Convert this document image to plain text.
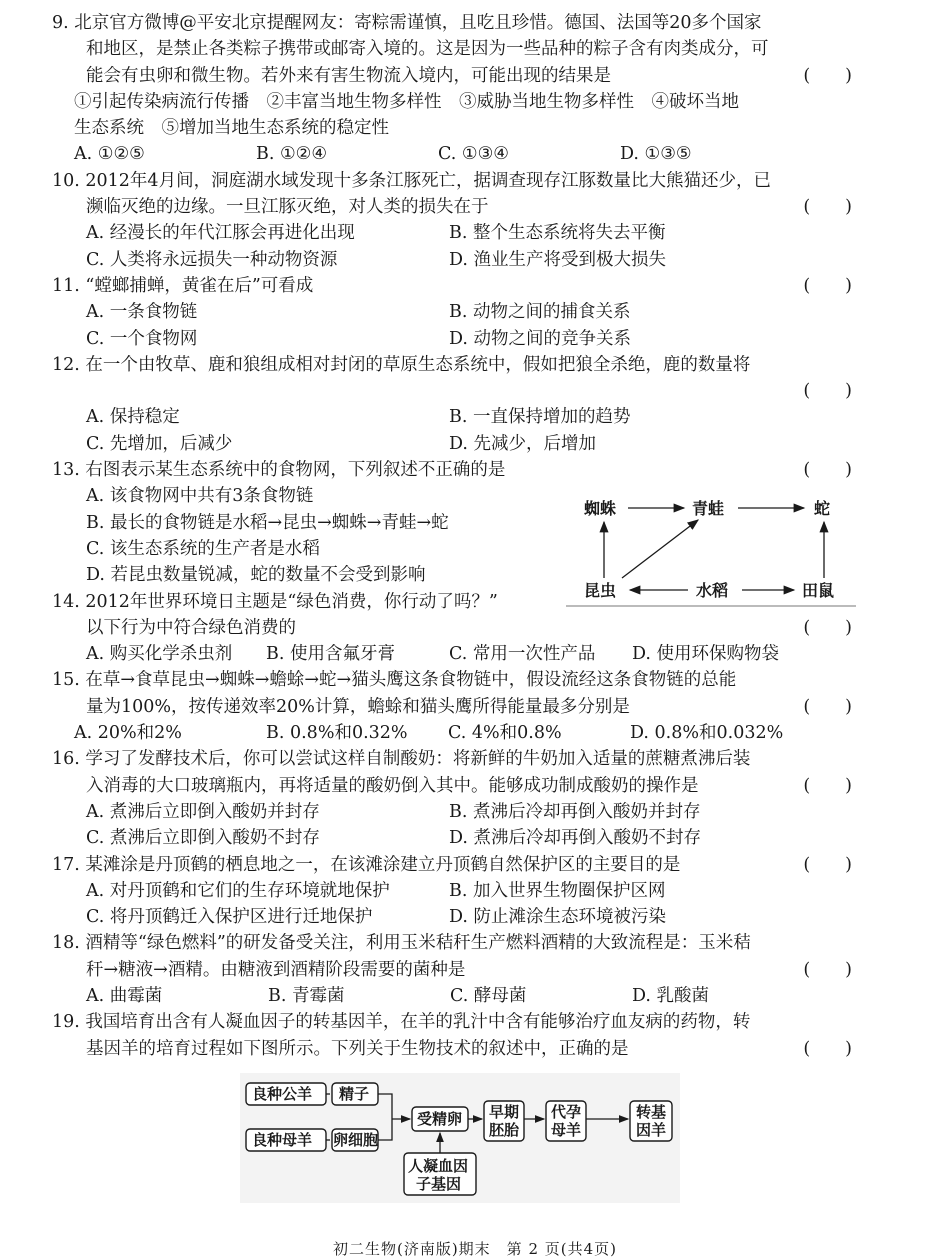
9. 北京官方微博@平安北京提醒网友：寄粽需谨慎，且吃且珍惜。德国、法国等20多个国家
和地区，是禁止各类粽子携带或邮寄入境的。这是因为一些品种的粽子含有肉类成分，可
能会有虫卵和微生物。若外来有害生物流入境内，可能出现的结果是	(　　)
①引起传染病流行传播　②丰富当地生物多样性　③威胁当地生物多样性　④破坏当地
生态系统　⑤增加当地生态系统的稳定性
A. ①②⑤	B. ①②④	C. ①③④	D. ①③⑤
10. 2012年4月间，洞庭湖水域发现十多条江豚死亡，据调查现存江豚数量比大熊猫还少，已
濒临灭绝的边缘。一旦江豚灭绝，对人类的损失在于	(　　)
A. 经漫长的年代江豚会再进化出现	B. 整个生态系统将失去平衡
C. 人类将永远损失一种动物资源	D. 渔业生产将受到极大损失
11. “螳螂捕蝉，黄雀在后”可看成	(　　)
A. 一条食物链	B. 动物之间的捕食关系
C. 一个食物网	D. 动物之间的竞争关系
12. 在一个由牧草、鹿和狼组成相对封闭的草原生态系统中，假如把狼全杀绝，鹿的数量将
(　　)

A. 保持稳定	B. 一直保持增加的趋势
C. 先增加，后减少	D. 先减少，后增加
13. 右图表示某生态系统中的食物网，下列叙述不正确的是	(　　)
A. 该食物网中共有3条食物链
B. 最长的食物链是水稻→昆虫→蜘蛛→青蛙→蛇
C. 该生态系统的生产者是水稻
D. 若昆虫数量锐减，蛇的数量不会受到影响
14. 2012年世界环境日主题是“绿色消费，你行动了吗？”
以下行为中符合绿色消费的	(　　)
A. 购买化学杀虫剂	B. 使用含氟牙膏	C. 常用一次性产品	D. 使用环保购物袋
15. 在草→食草昆虫→蜘蛛→蟾蜍→蛇→猫头鹰这条食物链中，假设流经这条食物链的总能
量为100%，按传递效率20%计算，蟾蜍和猫头鹰所得能量最多分别是	(　　)
A. 20%和2%	B. 0.8%和0.32%	C. 4%和0.8%	D. 0.8%和0.032%
16. 学习了发酵技术后，你可以尝试这样自制酸奶：将新鲜的牛奶加入适量的蔗糖煮沸后装
入消毒的大口玻璃瓶内，再将适量的酸奶倒入其中。能够成功制成酸奶的操作是	(　　)
A. 煮沸后立即倒入酸奶并封存	B. 煮沸后冷却再倒入酸奶并封存
C. 煮沸后立即倒入酸奶不封存	D. 煮沸后冷却再倒入酸奶不封存
17. 某滩涂是丹顶鹤的栖息地之一，在该滩涂建立丹顶鹤自然保护区的主要目的是	(　　)
A. 对丹顶鹤和它们的生存环境就地保护	B. 加入世界生物圈保护区网
C. 将丹顶鹤迁入保护区进行迁地保护	D. 防止滩涂生态环境被污染
18. 酒精等“绿色燃料”的研发备受关注，利用玉米秸秆生产燃料酒精的大致流程是：玉米秸
秆→糖液→酒精。由糖液到酒精阶段需要的菌种是	(　　)
A. 曲霉菌	B. 青霉菌	C. 酵母菌	D. 乳酸菌
19. 我国培育出含有人凝血因子的转基因羊，在羊的乳汁中含有能够治疗血友病的药物，转
基因羊的培育过程如下图所示。下列关于生物技术的叙述中，正确的是	(　　)
蜘蛛	青蛙	蛇
昆虫	水稻	田鼠
良种公羊 精子
良种母羊 卵细胞
受精卵 早期
胚胎
代孕
母羊
转基
因羊
人凝血因
子基因
初二生物(济南版)期末　第 2 页(共4页)
